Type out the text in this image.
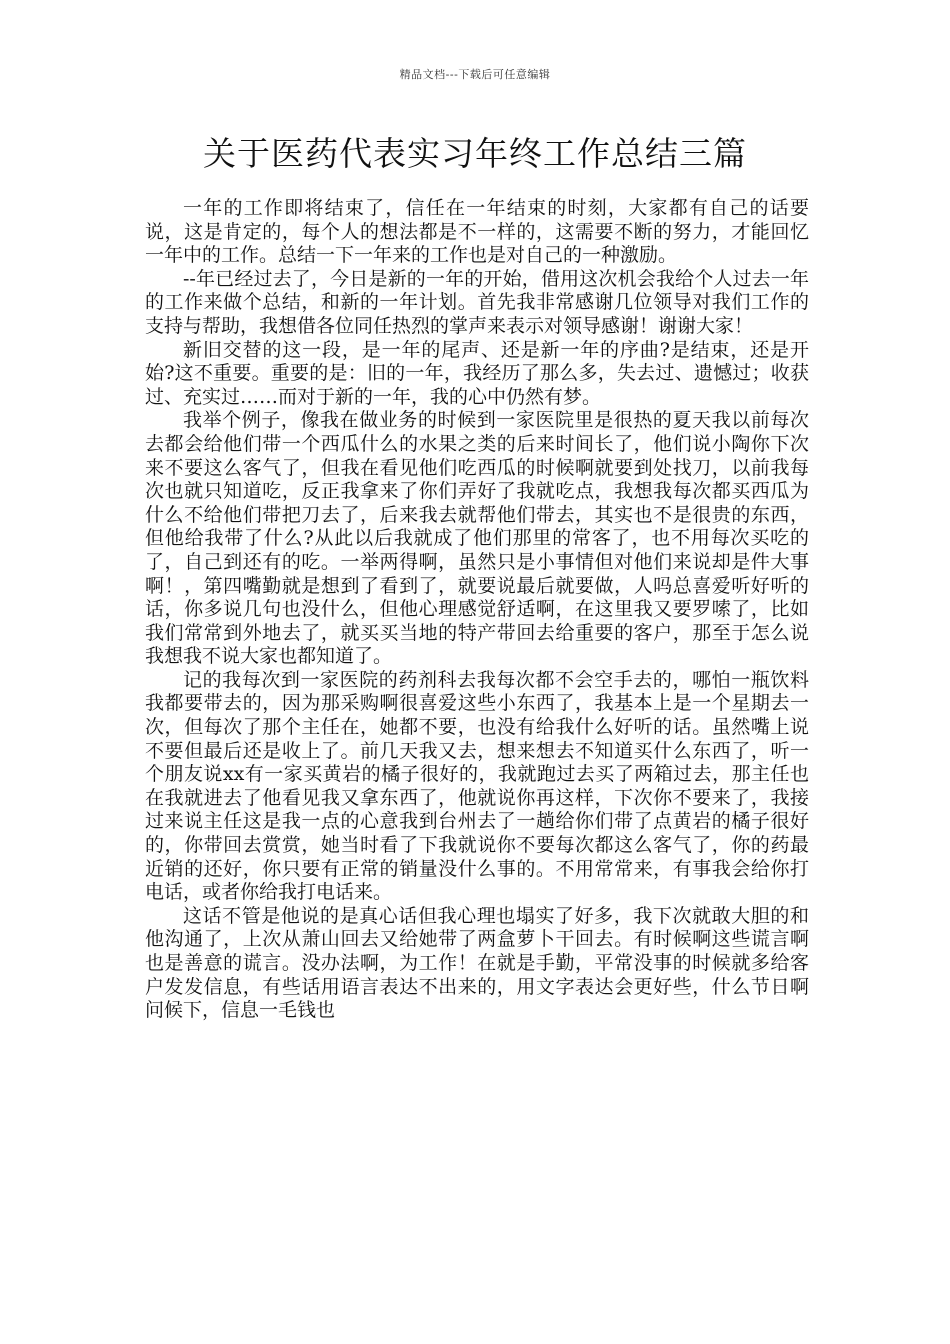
精品文档---下载后可任意编辑
关于医药代表实习年终工作总结三篇

一年的工作即将结束了，信任在一年结束的时刻，大家都有自己的话要说，这是肯定的，每个人的想法都是不一样的，这需要不断的努力，才能回忆一年中的工作。总结一下一年来的工作也是对自己的一种激励。

--年已经过去了，今日是新的一年的开始，借用这次机会我给个人过去一年的工作来做个总结，和新的一年计划。首先我非常感谢几位领导对我们工作的支持与帮助，我想借各位同任热烈的掌声来表示对领导感谢！谢谢大家！

新旧交替的这一段，是一年的尾声、还是新一年的序曲?是结束，还是开始?这不重要。重要的是：旧的一年，我经历了那么多，失去过、遗憾过；收获过、充实过……而对于新的一年，我的心中仍然有梦。

我举个例子，像我在做业务的时候到一家医院里是很热的夏天我以前每次去都会给他们带一个西瓜什么的水果之类的后来时间长了，他们说小陶你下次来不要这么客气了，但我在看见他们吃西瓜的时候啊就要到处找刀，以前我每次也就只知道吃，反正我拿来了你们弄好了我就吃点，我想我每次都买西瓜为什么不给他们带把刀去了，后来我去就帮他们带去，其实也不是很贵的东西，但他给我带了什么?从此以后我就成了他们那里的常客了，也不用每次买吃的了，自己到还有的吃。一举两得啊，虽然只是小事情但对他们来说却是件大事啊！，第四嘴勤就是想到了看到了，就要说最后就要做，人吗总喜爱听好听的话，你多说几句也没什么，但他心理感觉舒适啊，在这里我又要罗嗦了，比如我们常常到外地去了，就买买当地的特产带回去给重要的客户，那至于怎么说我想我不说大家也都知道了。

记的我每次到一家医院的药剂科去我每次都不会空手去的，哪怕一瓶饮料我都要带去的，因为那采购啊很喜爱这些小东西了，我基本上是一个星期去一次，但每次了那个主任在，她都不要，也没有给我什么好听的话。虽然嘴上说不要但最后还是收上了。前几天我又去，想来想去不知道买什么东西了，听一个朋友说xx有一家买黄岩的橘子很好的，我就跑过去买了两箱过去，那主任也在我就进去了他看见我又拿东西了，他就说你再这样，下次你不要来了，我接过来说主任这是我一点的心意我到台州去了一趟给你们带了点黄岩的橘子很好的，你带回去赏赏，她当时看了下我就说你不要每次都这么客气了，你的药最近销的还好，你只要有正常的销量没什么事的。不用常常来，有事我会给你打电话，或者你给我打电话来。

这话不管是他说的是真心话但我心理也塌实了好多，我下次就敢大胆的和他沟通了，上次从萧山回去又给她带了两盒萝卜干回去。有时候啊这些谎言啊也是善意的谎言。没办法啊，为工作！在就是手勤，平常没事的时候就多给客户发发信息，有些话用语言表达不出来的，用文字表达会更好些，什么节日啊问候下，信息一毛钱也
